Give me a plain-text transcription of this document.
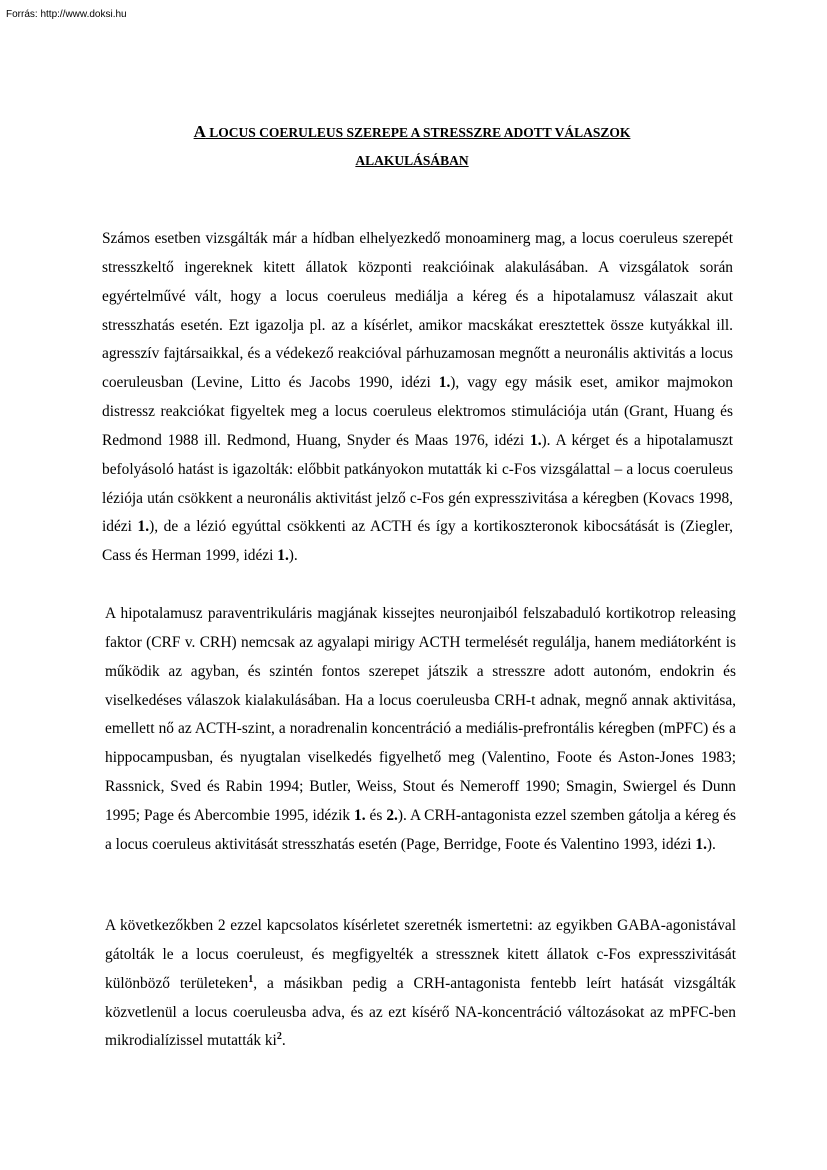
Forrás: http://www.doksi.hu

A LOCUS COERULEUS SZEREPE A STRESSZRE ADOTT VÁLASZOK
ALAKULÁSÁBAN

Számos esetben vizsgálták már a hídban elhelyezkedő monoaminerg mag, a locus coeruleus szerepét stresszkeltő ingereknek kitett állatok központi reakcióinak alakulásában. A vizsgálatok során egyértelművé vált, hogy a locus coeruleus mediálja a kéreg és a hipotalamusz válaszait akut stresszhatás esetén. Ezt igazolja pl. az a kísérlet, amikor macskákat eresztettek össze kutyákkal ill. agresszív fajtársaikkal, és a védekező reakcióval párhuzamosan megnőtt a neuronális aktivitás a locus coeruleusban (Levine, Litto és Jacobs 1990, idézi 1.), vagy egy másik eset, amikor majmokon distressz reakciókat figyeltek meg a locus coeruleus elektromos stimulációja után (Grant, Huang és Redmond 1988 ill. Redmond, Huang, Snyder és Maas 1976, idézi 1.). A kérget és a hipotalamuszt befolyásoló hatást is igazolták: előbbit patkányokon mutatták ki c-Fos vizsgálattal – a locus coeruleus léziója után csökkent a neuronális aktivitást jelző c-Fos gén expresszivitása a kéregben (Kovacs 1998, idézi 1.), de a lézió egyúttal csökkenti az ACTH és így a kortikoszteronok kibocsátását is (Ziegler, Cass és Herman 1999, idézi 1.).

A hipotalamusz paraventrikuláris magjának kissejtes neuronjaiból felszabaduló kortikotrop releasing faktor (CRF v. CRH) nemcsak az agyalapi mirigy ACTH termelését regulálja, hanem mediátorként is működik az agyban, és szintén fontos szerepet játszik a stresszre adott autonóm, endokrin és viselkedéses válaszok kialakulásában. Ha a locus coeruleusba CRH-t adnak, megnő annak aktivitása, emellett nő az ACTH-szint, a noradrenalin koncentráció a mediális-prefrontális kéregben (mPFC) és a hippocampusban, és nyugtalan viselkedés figyelhető meg (Valentino, Foote és Aston-Jones 1983; Rassnick, Sved és Rabin 1994; Butler, Weiss, Stout és Nemeroff 1990; Smagin, Swiergel és Dunn 1995; Page és Abercombie 1995, idézik 1. és 2.). A CRH-antagonista ezzel szemben gátolja a kéreg és a locus coeruleus aktivitását stresszhatás esetén (Page, Berridge, Foote és Valentino 1993, idézi 1.).

A következőkben 2 ezzel kapcsolatos kísérletet szeretnék ismertetni: az egyikben GABA-agonistával gátolták le a locus coeruleust, és megfigyelték a stressznek kitett állatok c-Fos expresszivitását különböző területeken$^1$, a másikban pedig a CRH-antagonista fentebb leírt hatását vizsgálták közvetlenül a locus coeruleusba adva, és az ezt kísérő NA-koncentráció változásokat az mPFC-ben mikrodialízissel mutatták $ki^2$.
